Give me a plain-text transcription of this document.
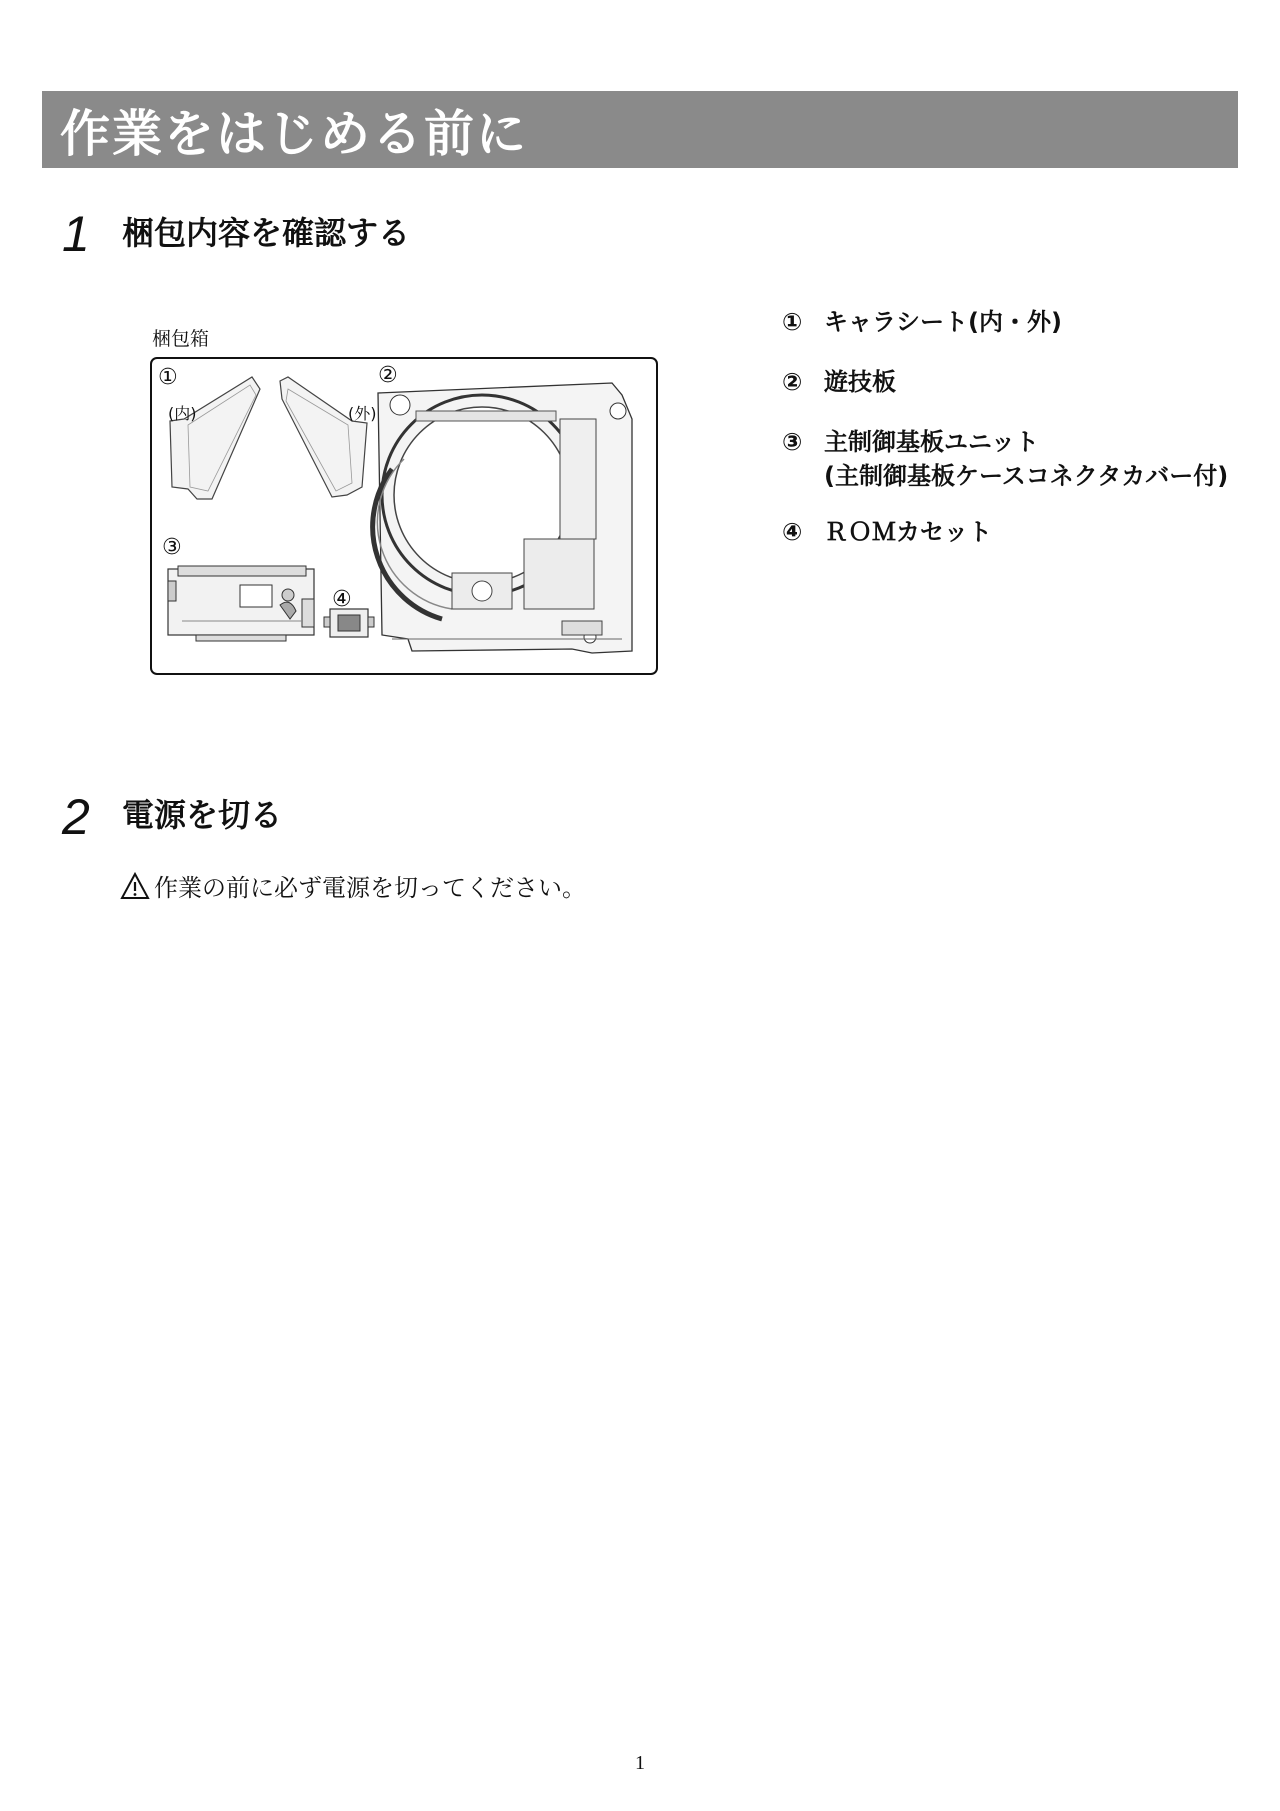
作業をはじめる前に
1 梱包内容を確認する
梱包箱
①
(内)	(外)
②
③
④
① キャラシート(内・外)
② 遊技板
③ 主制御基板ユニット
(主制御基板ケースコネクタカバー付)
④ ＲＯＭカセット
2 電源を切る
作業の前に必ず電源を切ってください。
1
